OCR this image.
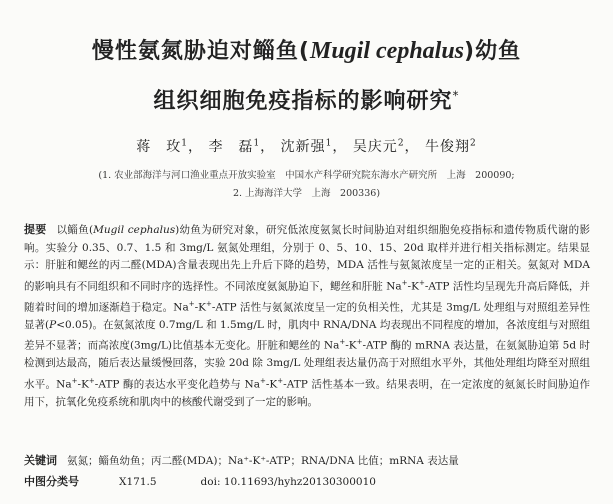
慢性氨氮胁迫对鲻鱼(Mugil cephalus)幼鱼
组织细胞免疫指标的影响研究*
蒋　玫$^1$， 李　磊$^1$， 沈新强$^1$， 吴庆元$^2$， 牛俊翔$^2$
(1. 农业部海洋与河口渔业重点开放实验室　中国水产科学研究院东海水产研究所　上海　200090;
2. 上海海洋大学　上海　200336)
提要 以鲻鱼(Mugil cephalus)幼鱼为研究对象，研究低浓度氨氮长时间胁迫对组织细胞免疫指标和遗传物质代谢的影响。实验分 0.35、0.7、1.5 和 3mg/L 氨氮处理组，分别于 0、5、10、15、20d 取样并进行相关指标测定。结果显示：肝脏和鳃丝的丙二醛(MDA)含量表现出先上升后下降的趋势，MDA 活性与氨氮浓度呈一定的正相关。氨氮对 MDA 的影响具有不同组织和不同时序的选择性。不同浓度氨氮胁迫下，鳃丝和肝脏 Na+-K+-ATP 活性均呈现先升高后降低，并随着时间的增加逐渐趋于稳定。Na+-K+-ATP 活性与氨氮浓度呈一定的负相关性，尤其是 3mg/L 处理组与对照组差异性显著(P<0.05)。在氨氮浓度 0.7mg/L 和 1.5mg/L 时，肌肉中 RNA/DNA 均表现出不同程度的增加，各浓度组与对照组差异不显著；而高浓度(3mg/L)比值基本无变化。肝脏和鳃丝的 Na+-K+-ATP 酶的 mRNA 表达量，在氨氮胁迫第 5d 时检测到达最高，随后表达量缓慢回落，实验 20d 除 3mg/L 处理组表达量仍高于对照组水平外，其他处理组均降至对照组水平。Na+-K+-ATP 酶的表达水平变化趋势与 Na+-K+-ATP 活性基本一致。结果表明，在一定浓度的氨氮长时间胁迫作用下，抗氧化免疫系统和肌肉中的核酸代谢受到了一定的影响。
关键词 氨氮；鲻鱼幼鱼；丙二醛(MDA)；Na⁺-K⁺-ATP；RNA/DNA 比值；mRNA 表达量
中图分类号	X171.5	doi: 10.11693/hyhz20130300010
